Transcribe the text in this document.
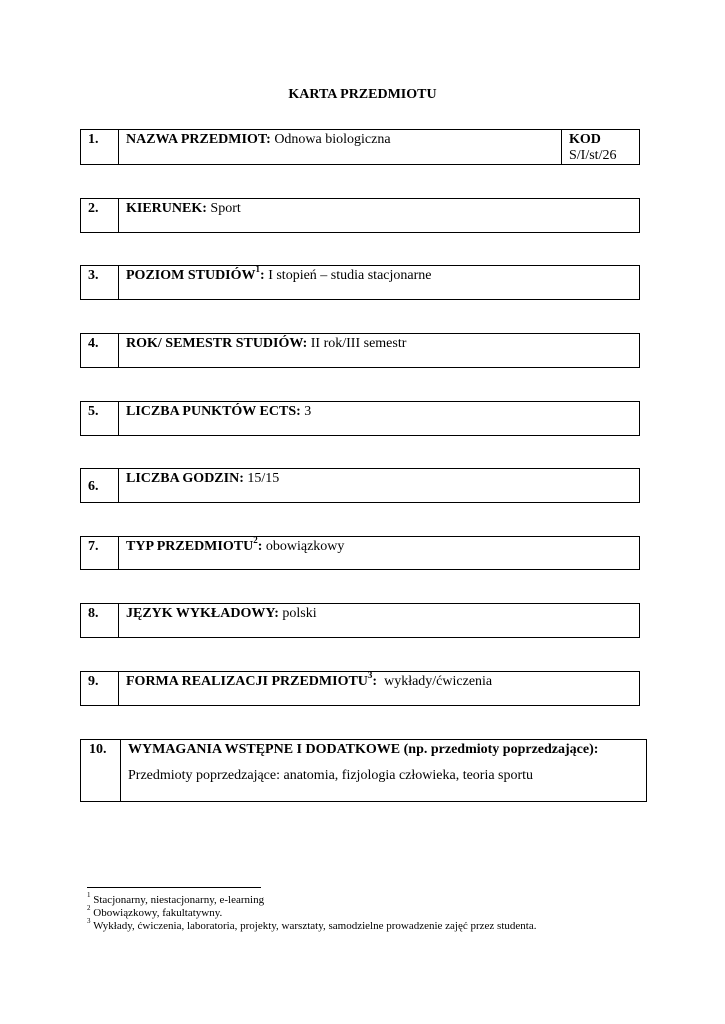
KARTA PRZEDMIOTU
1.	NAZWA PRZEDMIOT: Odnowa biologiczna	KOD
S/I/st/26
2.	KIERUNEK: Sport
3.	POZIOM STUDIÓW$^1$: I stopień – studia stacjonarne
4.	ROK/ SEMESTR STUDIÓW: II rok/III semestr
5.	LICZBA PUNKTÓW ECTS: 3
6.	LICZBA GODZIN: 15/15
7.	TYP PRZEDMIOTU$^2$: obowiązkowy
8.	JĘZYK WYKŁADOWY: polski
9.	FORMA REALIZACJI PRZEDMIOTU$^3$: wykłady/ćwiczenia
10.	WYMAGANIA WSTĘPNE I DODATKOWE (np. przedmioty poprzedzające):
Przedmioty poprzedzające: anatomia, fizjologia człowieka, teoria sportu
$^1$ Stacjonarny, niestacjonarny, e-learning
$^2$ Obowiązkowy, fakultatywny.
$^3$ Wykłady, ćwiczenia, laboratoria, projekty, warsztaty, samodzielne prowadzenie zajęć przez studenta.
